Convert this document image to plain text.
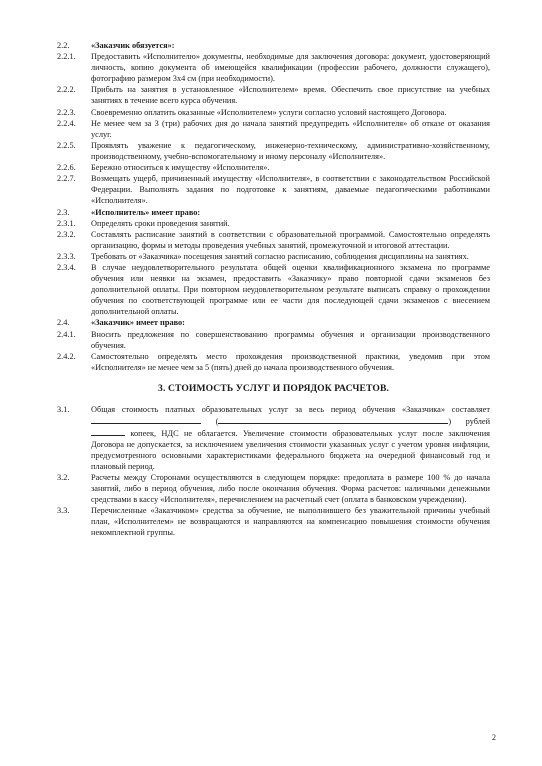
2.2.	«Заказчик обязуется»:
2.2.1.	Предоставить «Исполнителю» документы, необходимые для заключения договора: документ, удостоверяющий личность, копию документа об имеющейся квалификации (профессии рабочего, должности служащего), фотографию размером 3х4 см (при необходимости).
2.2.2.	Прибыть на занятия в установленное «Исполнителем» время. Обеспечить свое присутствие на учебных занятиях в течение всего курса обучения.
2.2.3.	Своевременно оплатить оказанные «Исполнителем» услуги согласно условий настоящего Договора.
2.2.4.	Не менее чем за 3 (три) рабочих дня до начала занятий предупредить «Исполнителя» об отказе от оказания услуг.
2.2.5.	Проявлять уважение к педагогическому, инженерно-техническому, административно-хозяйственному, производственному, учебно-вспомогательному и иному персоналу «Исполнителя».
2.2.6.	Бережно относиться к имуществу «Исполнителя».
2.2.7.	Возмещать ущерб, причиненный имуществу «Исполнителя», в соответствии с законодательством Российской Федерации. Выполнять задания по подготовке к занятиям, даваемые педагогическими работниками «Исполнителя».
2.3.	«Исполнитель» имеет право:
2.3.1.	Определять сроки проведения занятий.
2.3.2.	Составлять расписание занятий в соответствии с образовательной программой. Самостоятельно определять организацию, формы и методы проведения учебных занятий, промежуточной и итоговой аттестации.
2.3.3.	Требовать от «Заказчика» посещения занятий согласно расписанию, соблюдения дисциплины на занятиях.
2.3.4.	В случае неудовлетворительного результата общей оценки квалификационного экзамена по программе обучения или неявки на экзамен, предоставить «Заказчику» право повторной сдачи экзаменов без дополнительной оплаты. При повторном неудовлетворительном результате выписать справку о прохождении обучения по соответствующей программе или ее части для последующей сдачи экзаменов с внесением дополнительной оплаты.
2.4.	«Заказчик» имеет право:
2.4.1.	Вносить предложения по совершенствованию программы обучения и организации производственного обучения.
2.4.2.	Самостоятельно определять место прохождения производственной практики, уведомив при этом «Исполнителя» не менее чем за 5 (пять) дней до начала производственного обучения.
3. СТОИМОСТЬ УСЛУГ И ПОРЯДОК РАСЧЕТОВ.
3.1.	Общая стоимость платных образовательных услуг за весь период обучения «Заказчика» составляет  (	) рублей  копеек, НДС не облагается. Увеличение стоимости образовательных услуг после заключения Договора не допускается, за исключением увеличения стоимости указанных услуг с учетом уровня инфляции, предусмотренного основными характеристиками федерального бюджета на очередной финансовый год и плановый период.
3.2.	Расчеты между Сторонами осуществляются в следующем порядке: предоплата в размере 100 % до начала занятий, либо в период обучения, либо после окончания обучения. Форма расчетов: наличными денежными средствами в кассу «Исполнителя», перечислением на расчетный счет (оплата в банковском учреждении).
3.3.	Перечисленные «Заказчиком» средства за обучение, не выполнившего без уважительной причины учебный план, «Исполнителем» не возвращаются и направляются на компенсацию повышения стоимости обучения некомплектной группы.
2
